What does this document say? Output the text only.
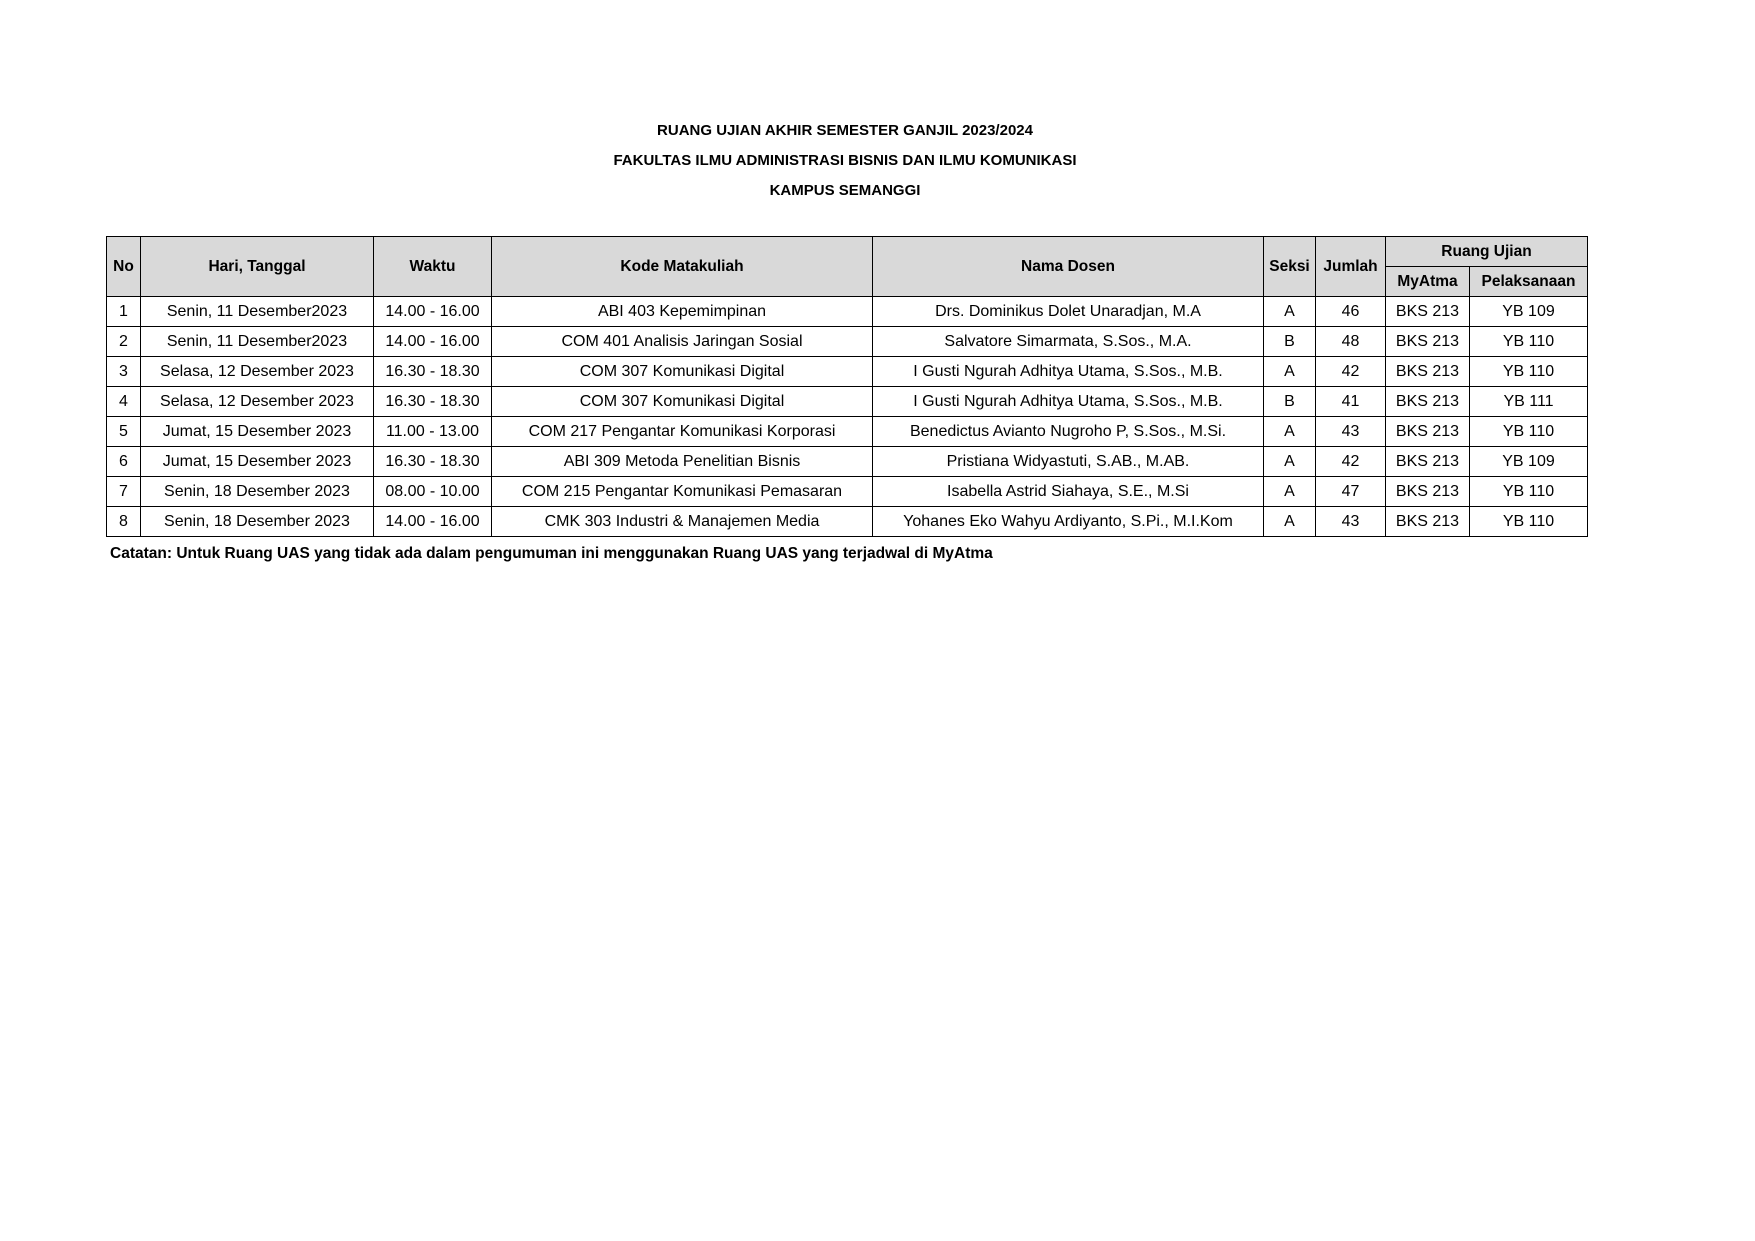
RUANG UJIAN AKHIR SEMESTER GANJIL 2023/2024
FAKULTAS ILMU ADMINISTRASI BISNIS DAN ILMU KOMUNIKASI
KAMPUS SEMANGGI
No	Hari, Tanggal	Waktu	Kode Matakuliah	Nama Dosen	Seksi	Jumlah	Ruang Ujian	
							MyAtma	Pelaksanaan
1	Senin, 11 Desember2023	14.00 - 16.00	ABI 403 Kepemimpinan	Drs. Dominikus Dolet Unaradjan, M.A	A	46	BKS 213	YB 109
2	Senin, 11 Desember2023	14.00 - 16.00	COM 401 Analisis Jaringan Sosial	Salvatore Simarmata, S.Sos., M.A.	B	48	BKS 213	YB 110
3	Selasa, 12 Desember 2023	16.30 - 18.30	COM 307 Komunikasi Digital	I Gusti Ngurah Adhitya Utama, S.Sos., M.B.	A	42	BKS 213	YB 110
4	Selasa, 12 Desember 2023	16.30 - 18.30	COM 307 Komunikasi Digital	I Gusti Ngurah Adhitya Utama, S.Sos., M.B.	B	41	BKS 213	YB 111
5	Jumat, 15 Desember 2023	11.00 - 13.00	COM 217 Pengantar Komunikasi Korporasi	Benedictus Avianto Nugroho P, S.Sos., M.Si.	A	43	BKS 213	YB 110
6	Jumat, 15 Desember 2023	16.30 - 18.30	ABI 309 Metoda Penelitian Bisnis	Pristiana Widyastuti, S.AB., M.AB.	A	42	BKS 213	YB 109
7	Senin, 18 Desember 2023	08.00 - 10.00	COM 215 Pengantar Komunikasi Pemasaran	Isabella Astrid Siahaya, S.E., M.Si	A	47	BKS 213	YB 110
8	Senin, 18 Desember 2023	14.00 - 16.00	CMK 303 Industri & Manajemen Media	Yohanes Eko Wahyu Ardiyanto, S.Pi., M.I.Kom	A	43	BKS 213	YB 110
Catatan: Untuk Ruang UAS yang tidak ada dalam pengumuman ini menggunakan Ruang UAS yang terjadwal di MyAtma
